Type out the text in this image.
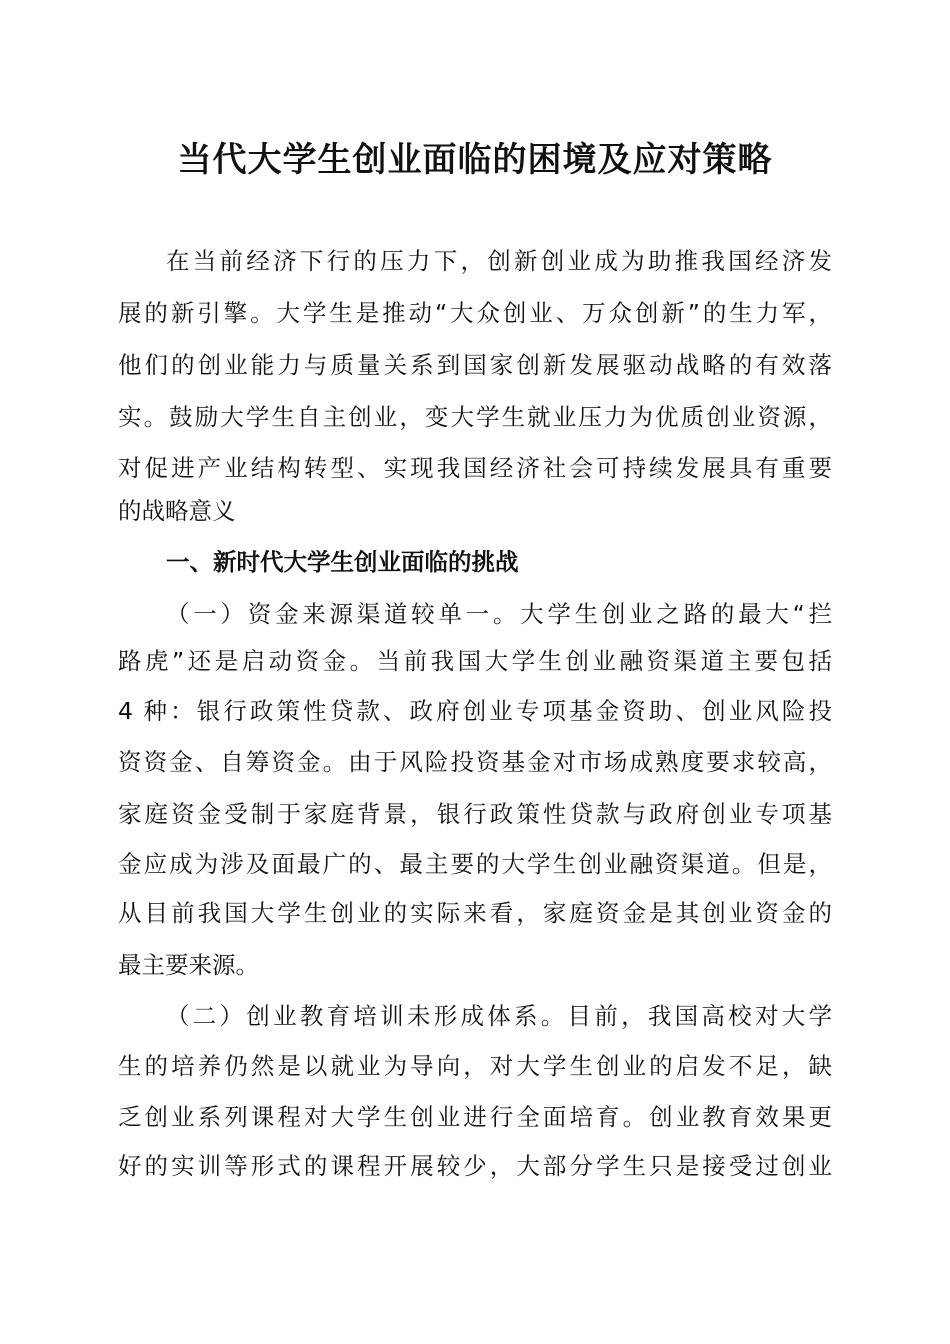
当代大学生创业面临的困境及应对策略

在当前经济下行的压力下，创新创业成为助推我国经济发

展的新引擎。大学生是推动“大众创业、万众创新”的生力军，

他们的创业能力与质量关系到国家创新发展驱动战略的有效落

实。鼓励大学生自主创业，变大学生就业压力为优质创业资源，

对促进产业结构转型、实现我国经济社会可持续发展具有重要

的战略意义

一、新时代大学生创业面临的挑战

（一）资金来源渠道较单一。大学生创业之路的最大“拦

路虎”还是启动资金。当前我国大学生创业融资渠道主要包括

4 种：银行政策性贷款、政府创业专项基金资助、创业风险投

资资金、自筹资金。由于风险投资基金对市场成熟度要求较高，

家庭资金受制于家庭背景，银行政策性贷款与政府创业专项基

金应成为涉及面最广的、最主要的大学生创业融资渠道。但是，

从目前我国大学生创业的实际来看，家庭资金是其创业资金的

最主要来源。

（二）创业教育培训未形成体系。目前，我国高校对大学

生的培养仍然是以就业为导向，对大学生创业的启发不足，缺

乏创业系列课程对大学生创业进行全面培育。创业教育效果更

好的实训等形式的课程开展较少，大部分学生只是接受过创业
